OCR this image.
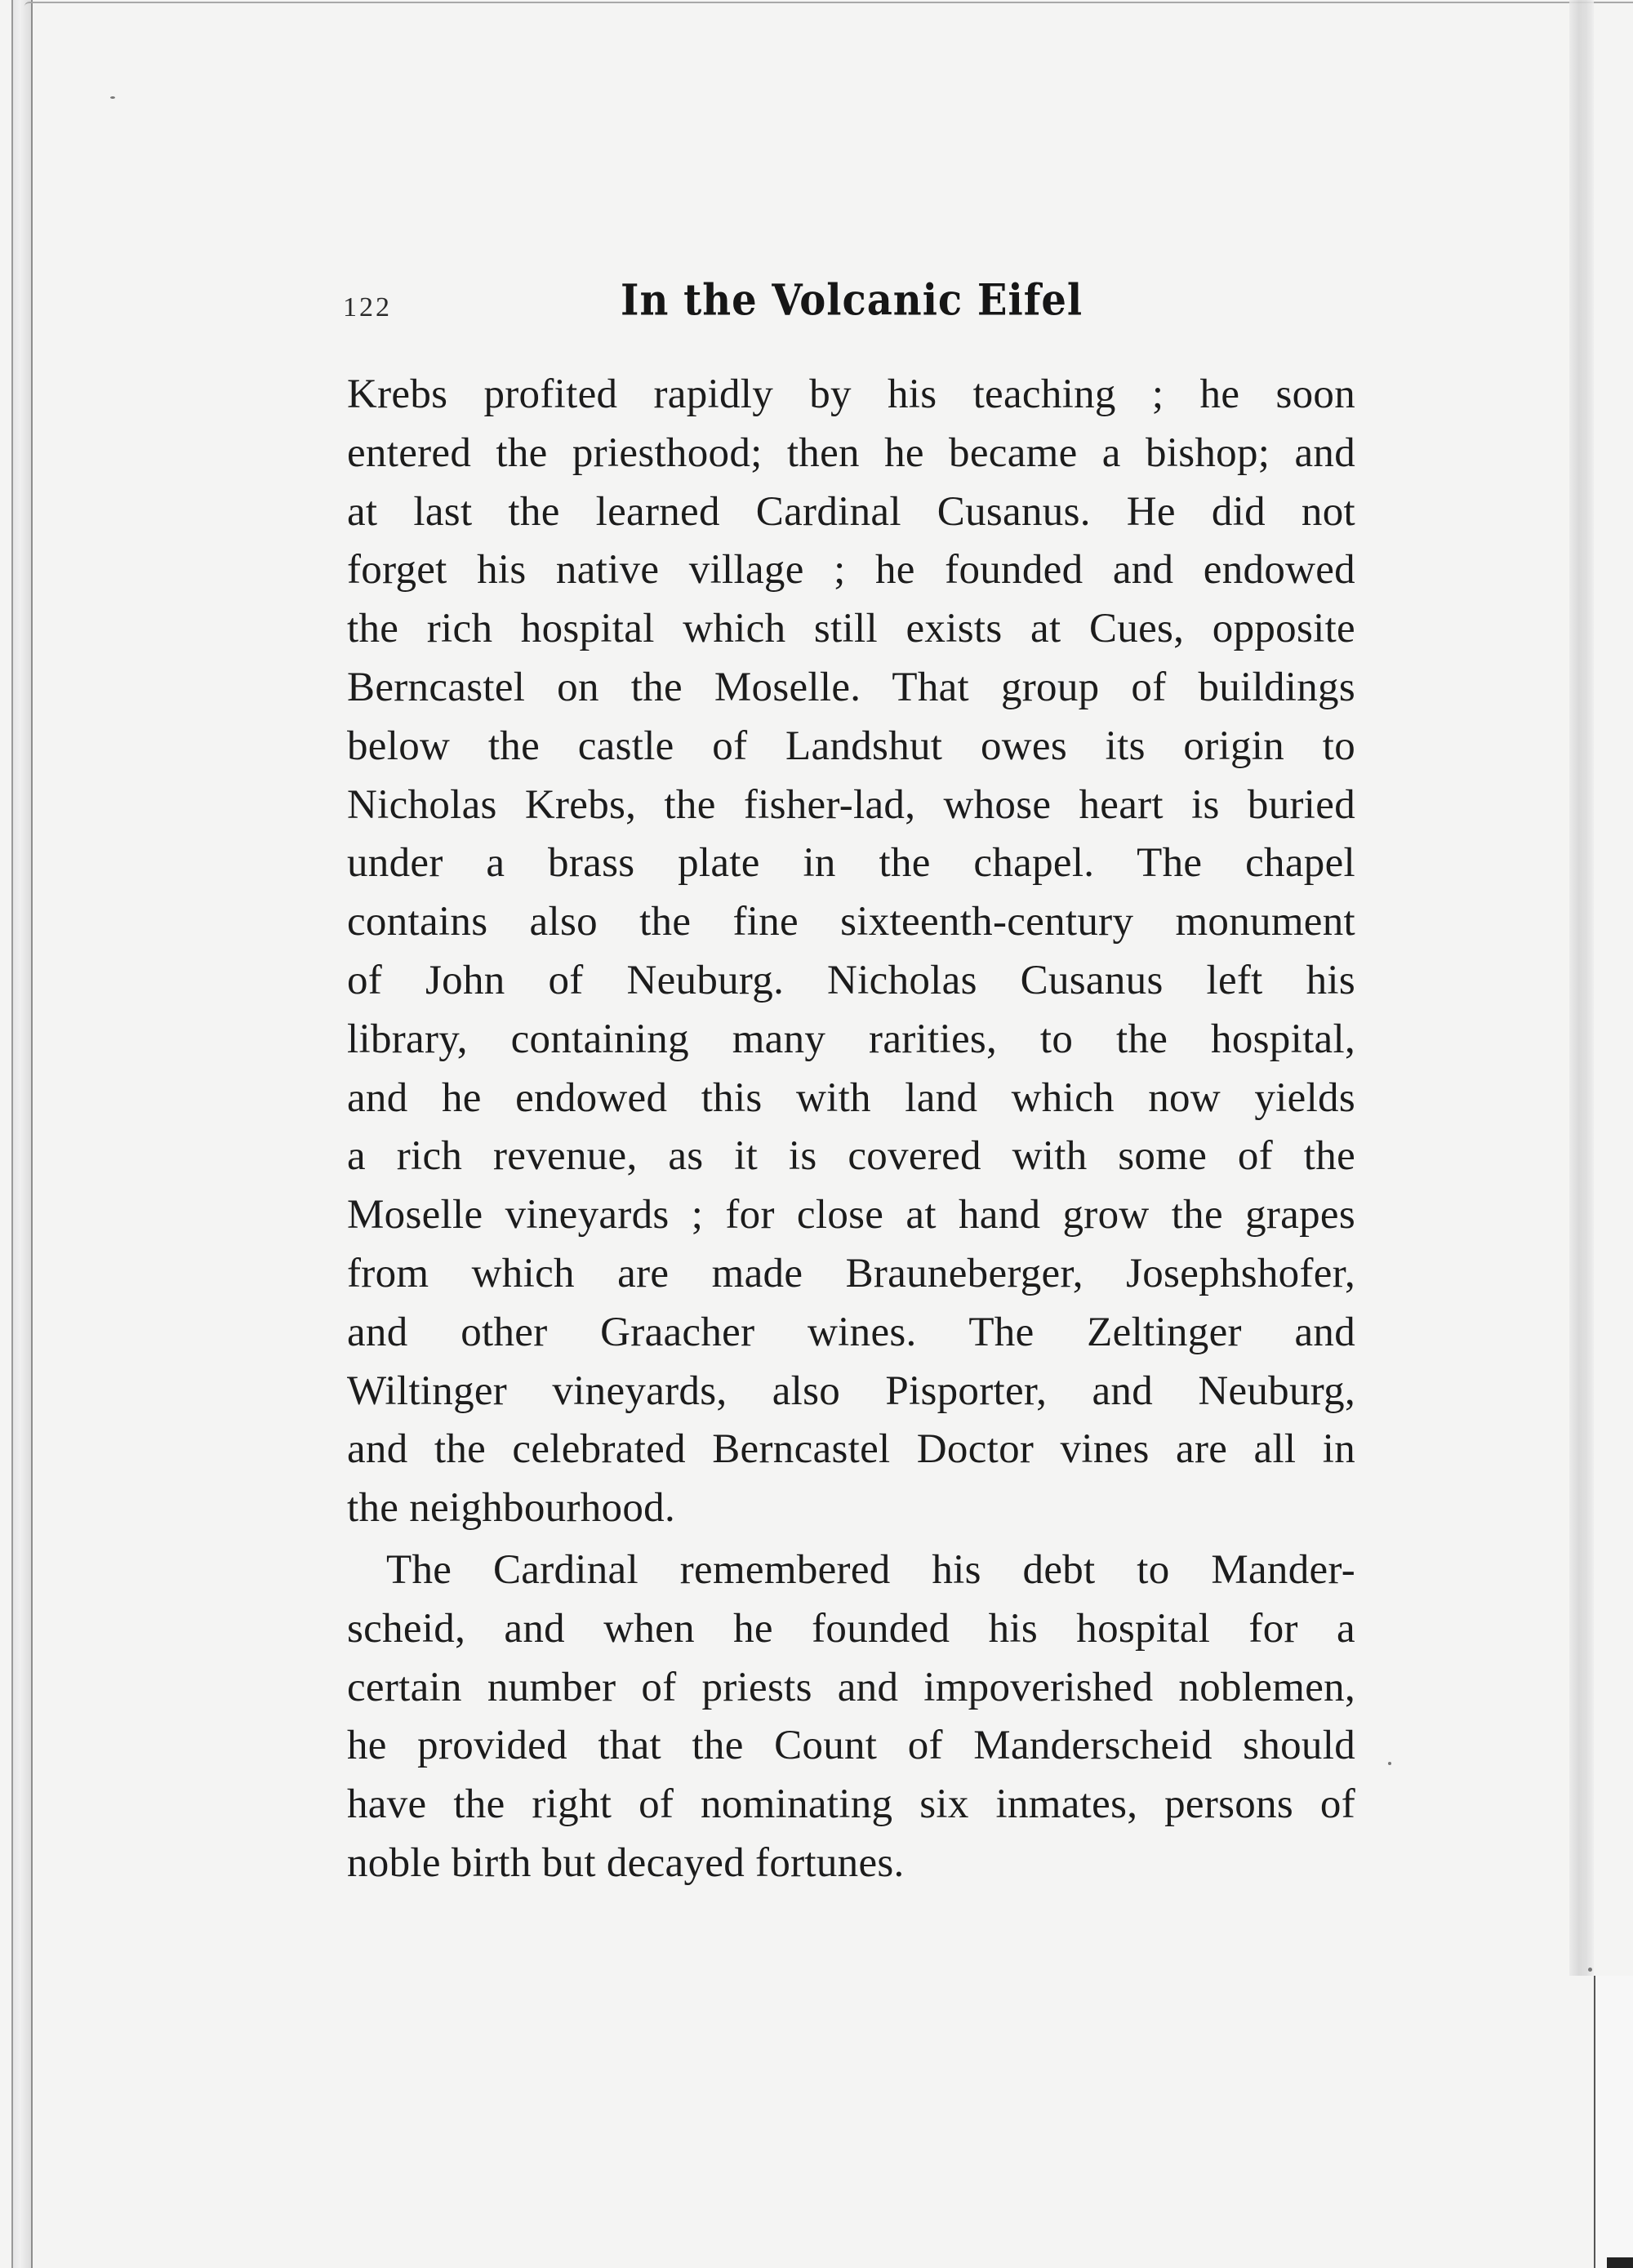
122	In the Volcanic Eifel
Krebs profited rapidly by his teaching ; he soon
entered the priesthood; then he became a bishop; and
at last the learned Cardinal Cusanus. He did not
forget his native village ; he founded and endowed
the rich hospital which still exists at Cues, opposite
Berncastel on the Moselle. That group of buildings
below the castle of Landshut owes its origin to
Nicholas Krebs, the fisher-lad, whose heart is buried
under a brass plate in the chapel. The chapel
contains also the fine sixteenth-century monument
of John of Neuburg. Nicholas Cusanus left his
library, containing many rarities, to the hospital,
and he endowed this with land which now yields
a rich revenue, as it is covered with some of the
Moselle vineyards ; for close at hand grow the grapes
from which are made Brauneberger, Josephshofer,
and other Graacher wines. The Zeltinger and
Wiltinger vineyards, also Pisporter, and Neuburg,
and the celebrated Berncastel Doctor vines are all in
the neighbourhood.
The Cardinal remembered his debt to Mander-
scheid, and when he founded his hospital for a
certain number of priests and impoverished noblemen,
he provided that the Count of Manderscheid should
have the right of nominating six inmates, persons of
noble birth but decayed fortunes.
